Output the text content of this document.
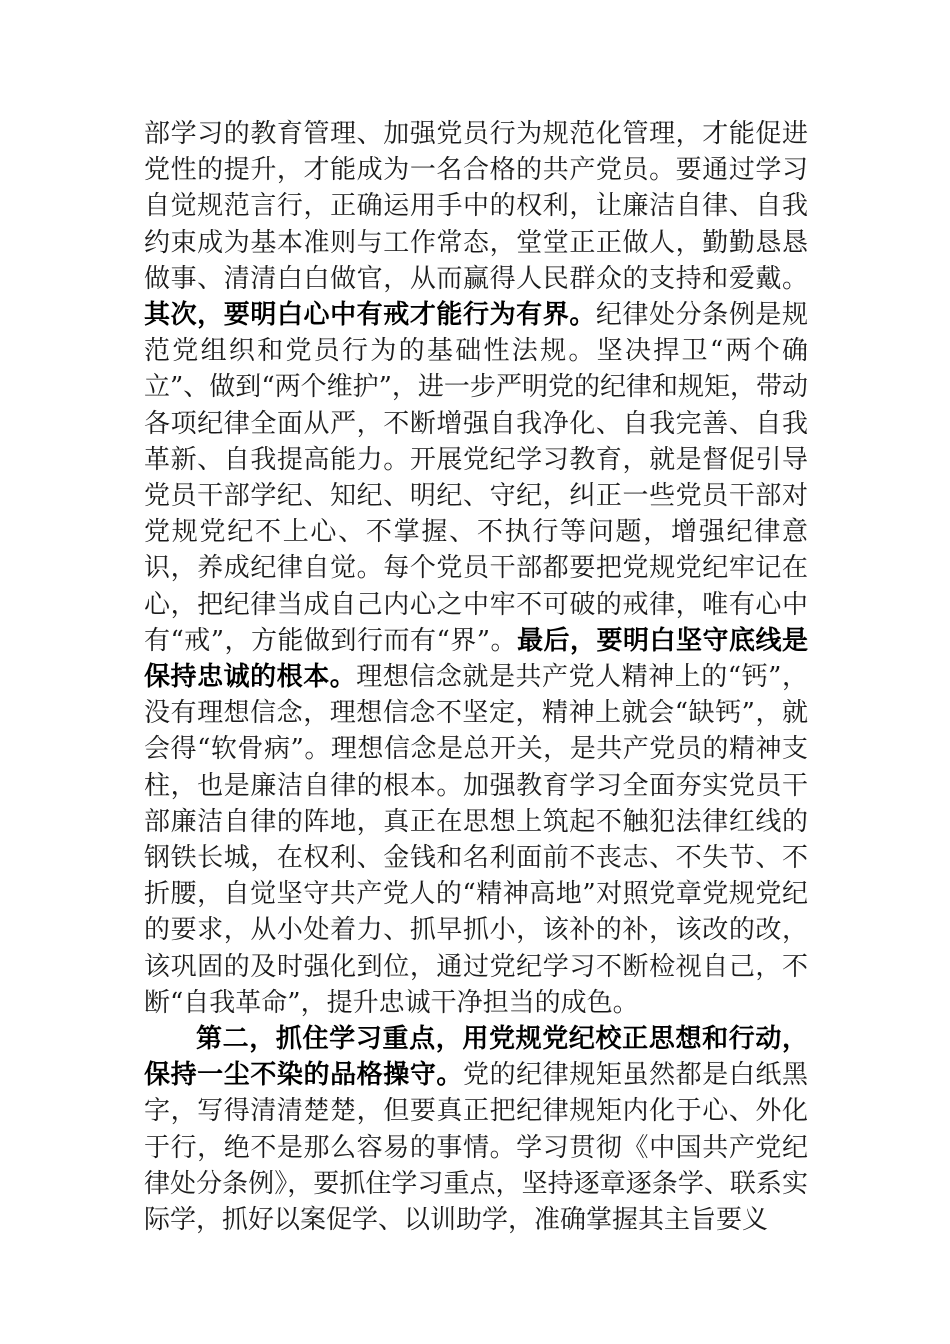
部学习的教育管理、加强党员行为规范化管理，才能促进党性的提升，才能成为一名合格的共产党员。要通过学习自觉规范言行，正确运用手中的权利，让廉洁自律、自我约束成为基本准则与工作常态，堂堂正正做人，勤勤恳恳做事、清清白白做官，从而赢得人民群众的支持和爱戴。其次，要明白心中有戒才能行为有界。纪律处分条例是规范党组织和党员行为的基础性法规。坚决捍卫“两个确立”、做到“两个维护”，进一步严明党的纪律和规矩，带动各项纪律全面从严，不断增强自我净化、自我完善、自我革新、自我提高能力。开展党纪学习教育，就是督促引导党员干部学纪、知纪、明纪、守纪，纠正一些党员干部对党规党纪不上心、不掌握、不执行等问题，增强纪律意识，养成纪律自觉。每个党员干部都要把党规党纪牢记在心，把纪律当成自己内心之中牢不可破的戒律，唯有心中有“戒”，方能做到行而有“界”。最后，要明白坚守底线是保持忠诚的根本。理想信念就是共产党人精神上的“钙”，没有理想信念，理想信念不坚定，精神上就会“缺钙”，就会得“软骨病”。理想信念是总开关，是共产党员的精神支柱，也是廉洁自律的根本。加强教育学习全面夯实党员干部廉洁自律的阵地，真正在思想上筑起不触犯法律红线的钢铁长城，在权利、金钱和名利面前不丧志、不失节、不折腰，自觉坚守共产党人的“精神高地”对照党章党规党纪的要求，从小处着力、抓早抓小，该补的补，该改的改，该巩固的及时强化到位，通过党纪学习不断检视自己，不断“自我革命”，提升忠诚干净担当的成色。

第二，抓住学习重点，用党规党纪校正思想和行动，保持一尘不染的品格操守。党的纪律规矩虽然都是白纸黑字，写得清清楚楚，但要真正把纪律规矩内化于心、外化于行，绝不是那么容易的事情。学习贯彻《中国共产党纪律处分条例》，要抓住学习重点，坚持逐章逐条学、联系实际学，抓好以案促学、以训助学，准确掌握其主旨要义
